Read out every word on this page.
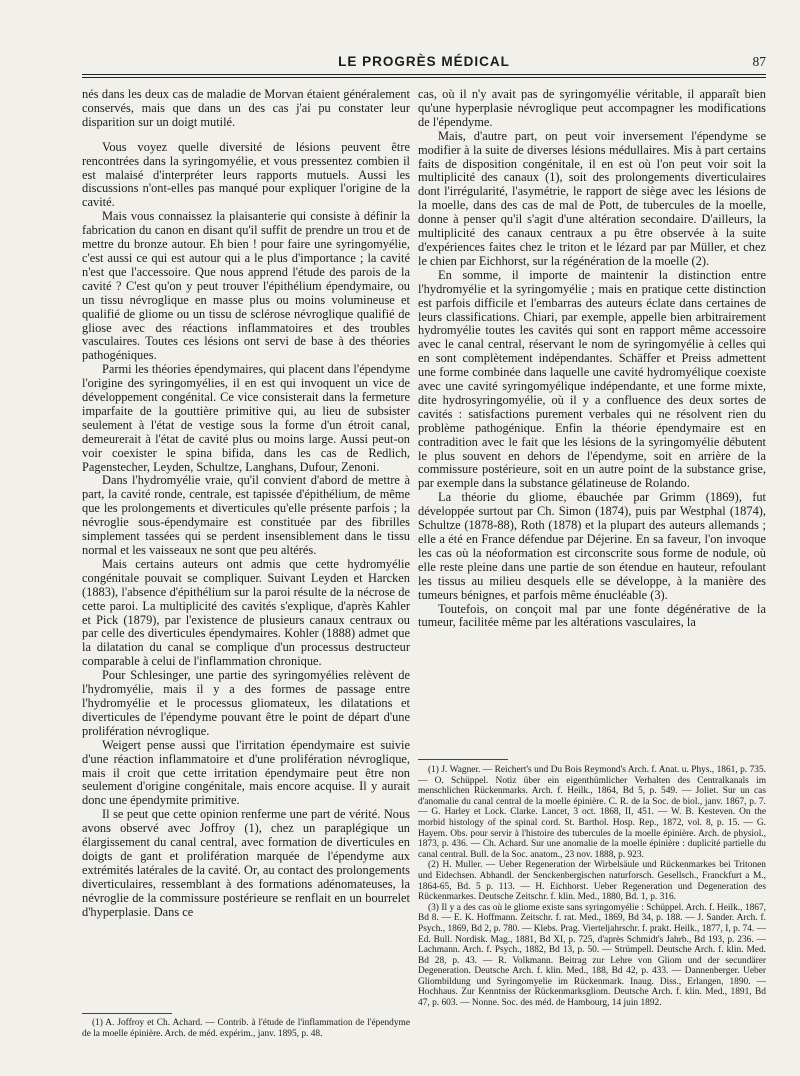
LE PROGRÈS MÉDICAL	87

nés dans les deux cas de maladie de Morvan étaient généralement conservés, mais que dans un des cas j'ai pu constater leur disparition sur un doigt mutilé.

Vous voyez quelle diversité de lésions peuvent être rencontrées dans la syringomyélie, et vous pressentez combien il est malaisé d'interpréter leurs rapports mutuels. Aussi les discussions n'ont-elles pas manqué pour expliquer l'origine de la cavité.

Mais vous connaissez la plaisanterie qui consiste à définir la fabrication du canon en disant qu'il suffit de prendre un trou et de mettre du bronze autour. Eh bien ! pour faire une syringomyélie, c'est aussi ce qui est autour qui a le plus d'importance ; la cavité n'est que l'accessoire. Que nous apprend l'étude des parois de la cavité ? C'est qu'on y peut trouver l'épithélium épendymaire, ou un tissu névroglique en masse plus ou moins volumineuse et qualifié de gliome ou un tissu de sclérose névroglique qualifié de gliose avec des réactions inflammatoires et des troubles vasculaires. Toutes ces lésions ont servi de base à des théories pathogéniques.

Parmi les théories épendymaires, qui placent dans l'épendyme l'origine des syringomyélies, il en est qui invoquent un vice de développement congénital. Ce vice consisterait dans la fermeture imparfaite de la gouttière primitive qui, au lieu de subsister seulement à l'état de vestige sous la forme d'un étroit canal, demeurerait à l'état de cavité plus ou moins large. Aussi peut-on voir coexister le spina bifida, dans les cas de Redlich, Pagenstecher, Leyden, Schultze, Langhans, Dufour, Zenoni.

Dans l'hydromyélie vraie, qu'il convient d'abord de mettre à part, la cavité ronde, centrale, est tapissée d'épithélium, de même que les prolongements et diverticules qu'elle présente parfois ; la névroglie sous-épendymaire est constituée par des fibrilles simplement tassées qui se perdent insensiblement dans le tissu normal et les vaisseaux ne sont que peu altérés.

Mais certains auteurs ont admis que cette hydromyélie congénitale pouvait se compliquer. Suivant Leyden et Harcken (1883), l'absence d'épithélium sur la paroi résulte de la nécrose de cette paroi. La multiplicité des cavités s'explique, d'après Kahler et Pick (1879), par l'existence de plusieurs canaux centraux ou par celle des diverticules épendymaires. Kohler (1888) admet que la dilatation du canal se complique d'un processus destructeur comparable à celui de l'inflammation chronique.

Pour Schlesinger, une partie des syringomyélies relèvent de l'hydromyélie, mais il y a des formes de passage entre l'hydromyélie et le processus gliomateux, les dilatations et diverticules de l'épendyme pouvant être le point de départ d'une prolifération névroglique.

Weigert pense aussi que l'irritation épendymaire est suivie d'une réaction inflammatoire et d'une prolifération névroglique, mais il croit que cette irritation épendymaire peut être non seulement d'origine congénitale, mais encore acquise. Il y aurait donc une épendymite primitive.

Il se peut que cette opinion renferme une part de vérité. Nous avons observé avec Joffroy (1), chez un paraplégique un élargissement du canal central, avec formation de diverticules en doigts de gant et prolifération marquée de l'épendyme aux extrémités latérales de la cavité. Or, au contact des prolongements diverticulaires, ressemblant à des formations adénomateuses, la névroglie de la commissure postérieure se renflait en un bourrelet d'hyperplasie. Dans ce

(1) A. Joffroy et Ch. Achard. — Contrib. à l'étude de l'inflammation de l'épendyme de la moelle épinière. Arch. de méd. expérim., janv. 1895, p. 48.

cas, où il n'y avait pas de syringomyélie véritable, il apparaît bien qu'une hyperplasie névroglique peut accompagner les modifications de l'épendyme.

Mais, d'autre part, on peut voir inversement l'épendyme se modifier à la suite de diverses lésions médullaires. Mis à part certains faits de disposition congénitale, il en est où l'on peut voir soit la multiplicité des canaux (1), soit des prolongements diverticulaires dont l'irrégularité, l'asymétrie, le rapport de siège avec les lésions de la moelle, dans des cas de mal de Pott, de tubercules de la moelle, donne à penser qu'il s'agit d'une altération secondaire. D'ailleurs, la multiplicité des canaux centraux a pu être observée à la suite d'expériences faites chez le triton et le lézard par par Müller, et chez le chien par Eichhorst, sur la régénération de la moelle (2).

En somme, il importe de maintenir la distinction entre l'hydromyélie et la syringomyélie ; mais en pratique cette distinction est parfois difficile et l'embarras des auteurs éclate dans certaines de leurs classifications. Chiari, par exemple, appelle bien arbitrairement hydromyélie toutes les cavités qui sont en rapport même accessoire avec le canal central, réservant le nom de syringomyélie à celles qui en sont complètement indépendantes. Schäffer et Preiss admettent une forme combinée dans laquelle une cavité hydromyélique coexiste avec une cavité syringomyélique indépendante, et une forme mixte, dite hydrosyringomyélie, où il y a confluence des deux sortes de cavités : satisfactions purement verbales qui ne résolvent rien du problème pathogénique. Enfin la théorie épendymaire est en contradition avec le fait que les lésions de la syringomyélie débutent le plus souvent en dehors de l'épendyme, soit en arrière de la commissure postérieure, soit en un autre point de la substance grise, par exemple dans la substance gélatineuse de Rolando.

La théorie du gliome, ébauchée par Grimm (1869), fut développée surtout par Ch. Simon (1874), puis par Westphal (1874), Schultze (1878-88), Roth (1878) et la plupart des auteurs allemands ; elle a été en France défendue par Déjerine. En sa faveur, l'on invoque les cas où la néoformation est circonscrite sous forme de nodule, où elle reste pleine dans une partie de son étendue en hauteur, refoulant les tissus au milieu desquels elle se développe, à la manière des tumeurs bénignes, et parfois même énucléable (3).

Toutefois, on conçoit mal par une fonte dégénérative de la tumeur, facilitée même par les altérations vasculaires, la

(1) J. Wagner. — Reichert's und Du Bois Reymond's Arch. f. Anat. u. Phys., 1861, p. 735. — O. Schüppel. Notiz über ein eigenthümlicher Verhalten des Centralkanals im menschlichen Rückenmarks. Arch. f. Heilk., 1864, Bd 5, p. 549. — Joliet. Sur un cas d'anomalie du canal central de la moelle épinière. C. R. de la Soc. de biol., janv. 1867, p. 7. — G. Harley et Lock. Clarke. Lancet, 3 oct. 1868, II, 451. — W. B. Kesteven. On the morbid histology of the spinal cord. St. Barthol. Hosp. Rep., 1872, vol. 8, p. 15. — G. Hayem. Obs. pour servir à l'histoire des tubercules de la moelle épinière. Arch. de physiol., 1873, p. 436. — Ch. Achard. Sur une anomalie de la moelle épinière : duplicité partielle du canal central. Bull. de la Soc. anatom., 23 nov. 1888, p. 923.

(2) H. Muller. — Ueber Regeneration der Wirbelsäule und Rückenmarkes bei Tritonen und Eidechsen. Abhandl. der Senckenbergischen naturforsch. Gesellsch., Franckfurt a M., 1864-65, Bd. 5 p. 113. — H. Eichhorst. Ueber Regeneration und Degeneration des Rückenmarkes. Deutsche Zeitschr. f. klin. Med., 1880, Bd. 1, p. 316.

(3) Il y a des cas où le gliome existe sans syringomyélie : Schüppel. Arch. f. Heilk., 1867, Bd 8. — E. K. Hoffmann. Zeitschr. f. rat. Med., 1869, Bd 34, p. 188. — J. Sander. Arch. f. Psych., 1869, Bd 2, p. 780. — Klebs. Prag. Vierteljahrschr. f. prakt. Heilk., 1877, I, p. 74. — Ed. Bull. Nordisk. Mag., 1881, Bd XI, p. 725, d'après Schmidt's Jahrb., Bd 193, p. 236. — Lachmann. Arch. f. Psych., 1882, Bd 13, p. 50. — Strümpell. Deutsche Arch. f. klin. Med. Bd 28, p. 43. — R. Volkmann. Beitrag zur Lehre von Gliom und der secundärer Degeneration. Deutsche Arch. f. klin. Med., 188, Bd 42, p. 433. — Dannenberger. Ueber Gliombildung und Syringomyelie im Rückenmark. Inaug. Diss., Erlangen, 1890. — Hochhaus. Zur Kenntniss der Rückenmarksgliom. Deutsche Arch. f. klin. Med., 1891, Bd 47, p. 603. — Nonne. Soc. des méd. de Hambourg, 14 juin 1892.
